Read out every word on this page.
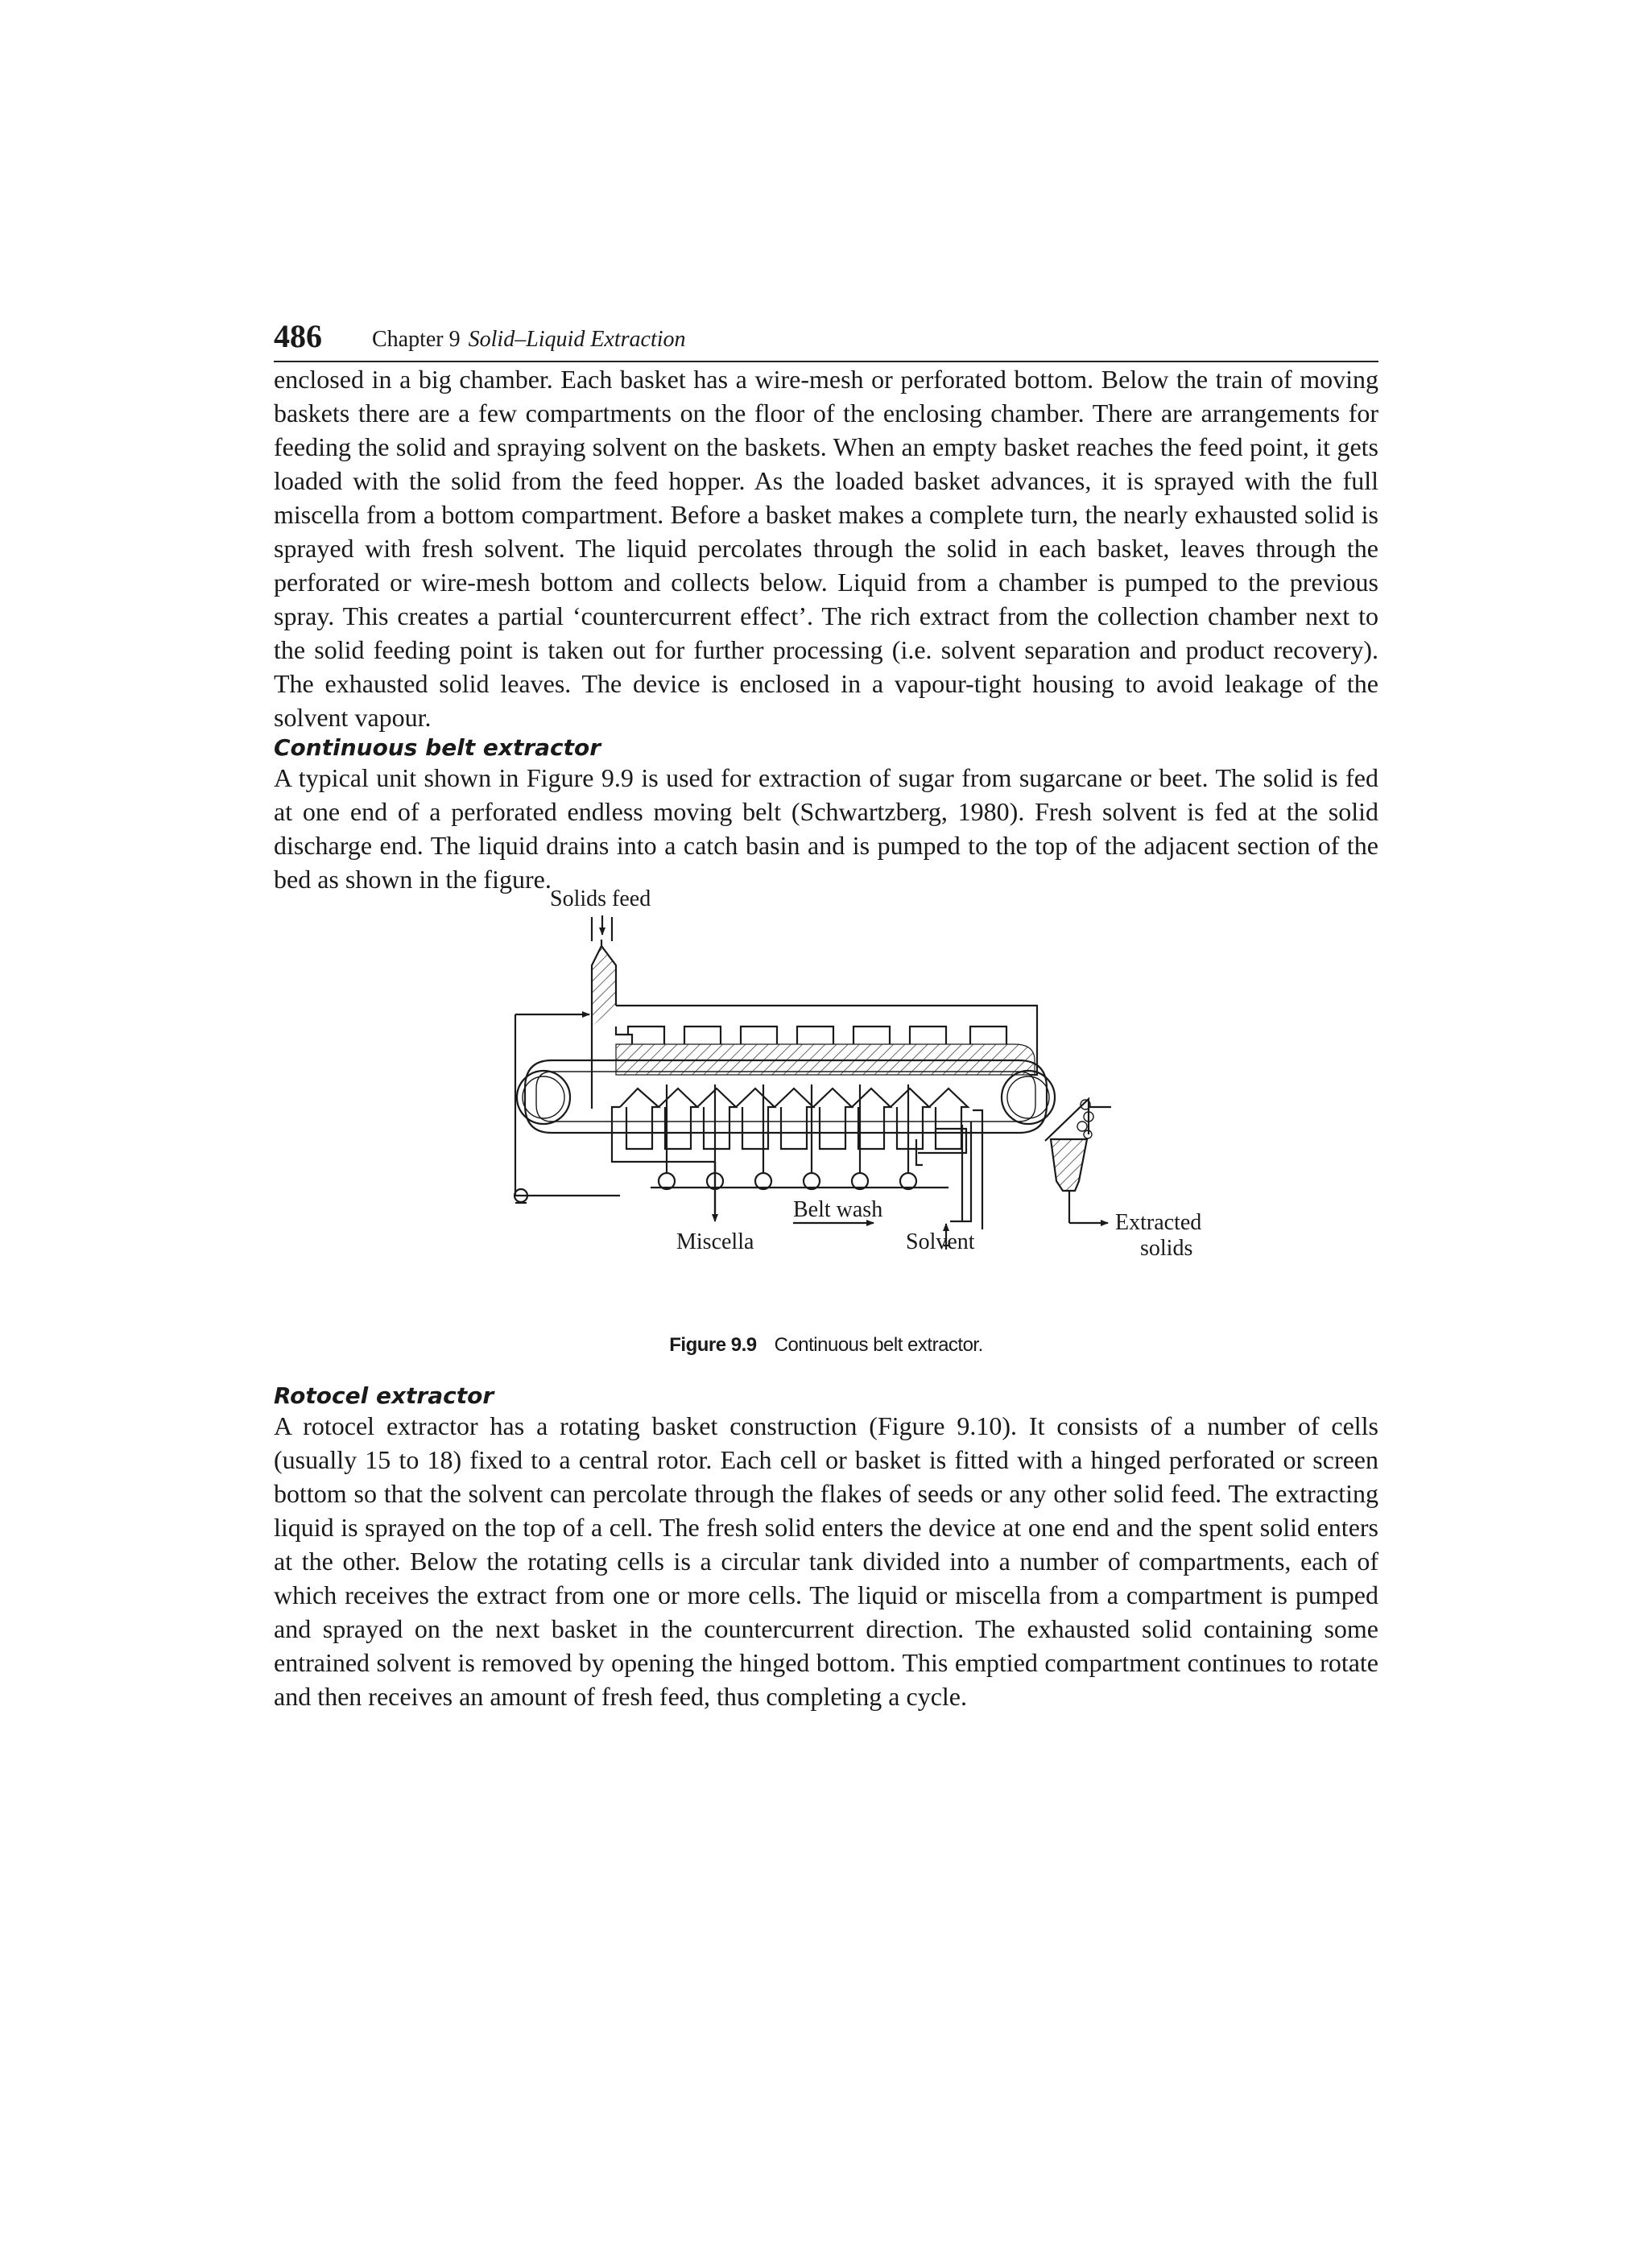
486 Chapter 9 Solid–Liquid Extraction

enclosed in a big chamber. Each basket has a wire-mesh or perforated bottom. Below the train of moving baskets there are a few compartments on the floor of the enclosing chamber. There are arrangements for feeding the solid and spraying solvent on the baskets. When an empty basket reaches the feed point, it gets loaded with the solid from the feed hopper. As the loaded basket advances, it is sprayed with the full miscella from a bottom compartment. Before a basket makes a complete turn, the nearly exhausted solid is sprayed with fresh solvent. The liquid percolates through the solid in each basket, leaves through the perforated or wire-mesh bottom and collects below. Liquid from a chamber is pumped to the previous spray. This creates a partial ‘countercurrent effect’. The rich extract from the collection chamber next to the solid feeding point is taken out for further processing (i.e. solvent separation and product recovery). The exhausted solid leaves. The device is enclosed in a vapour-tight housing to avoid leakage of the solvent vapour.

Continuous belt extractor

A typical unit shown in Figure 9.9 is used for extraction of sugar from sugarcane or beet. The solid is fed at one end of a perforated endless moving belt (Schwartzberg, 1980). Fresh solvent is fed at the solid discharge end. The liquid drains into a catch basin and is pumped to the top of the adjacent section of the bed as shown in the figure.

Solids feed
Belt wash
Miscella	Solvent
Extracted
solids
Figure 9.9 Continuous belt extractor.
Rotocel extractor

A rotocel extractor has a rotating basket construction (Figure 9.10). It consists of a number of cells (usually 15 to 18) fixed to a central rotor. Each cell or basket is fitted with a hinged perforated or screen bottom so that the solvent can percolate through the flakes of seeds or any other solid feed. The extracting liquid is sprayed on the top of a cell. The fresh solid enters the device at one end and the spent solid enters at the other. Below the rotating cells is a circular tank divided into a number of compartments, each of which receives the extract from one or more cells. The liquid or miscella from a compartment is pumped and sprayed on the next basket in the countercurrent direction. The exhausted solid containing some entrained solvent is removed by opening the hinged bottom. This emptied compartment continues to rotate and then receives an amount of fresh feed, thus completing a cycle.
